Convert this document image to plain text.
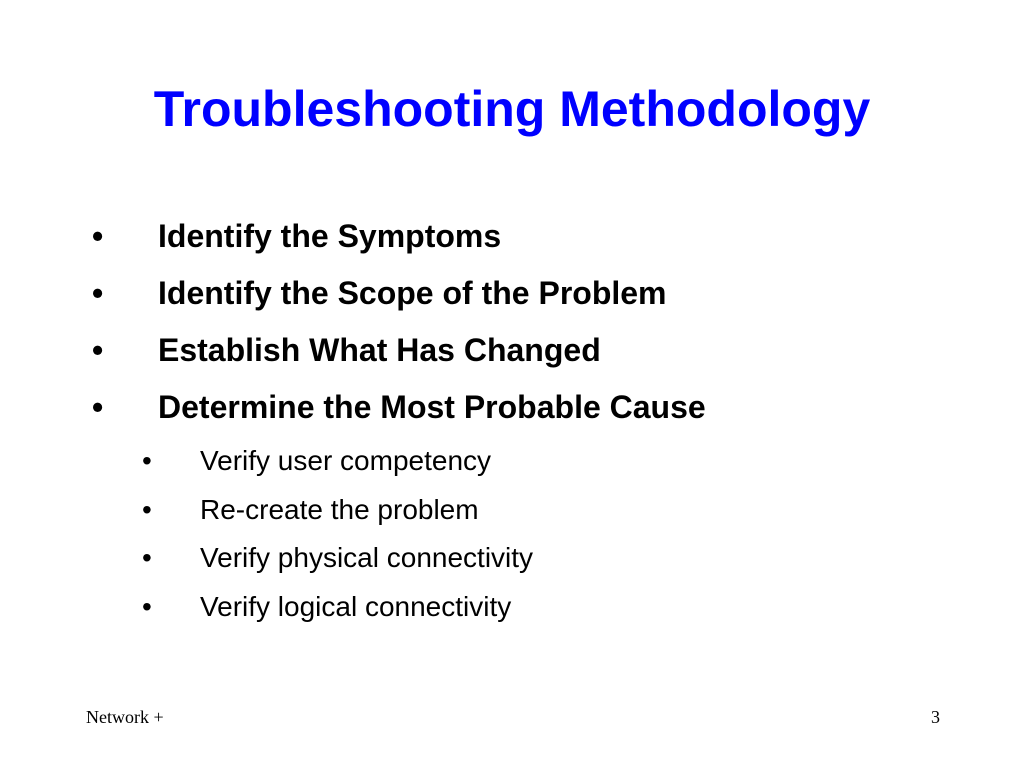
Troubleshooting Methodology
• Identify the Symptoms
• Identify the Scope of the Problem
• Establish What Has Changed
• Determine the Most Probable Cause
• Verify user competency
• Re-create the problem
• Verify physical connectivity
• Verify logical connectivity
Network +	3
